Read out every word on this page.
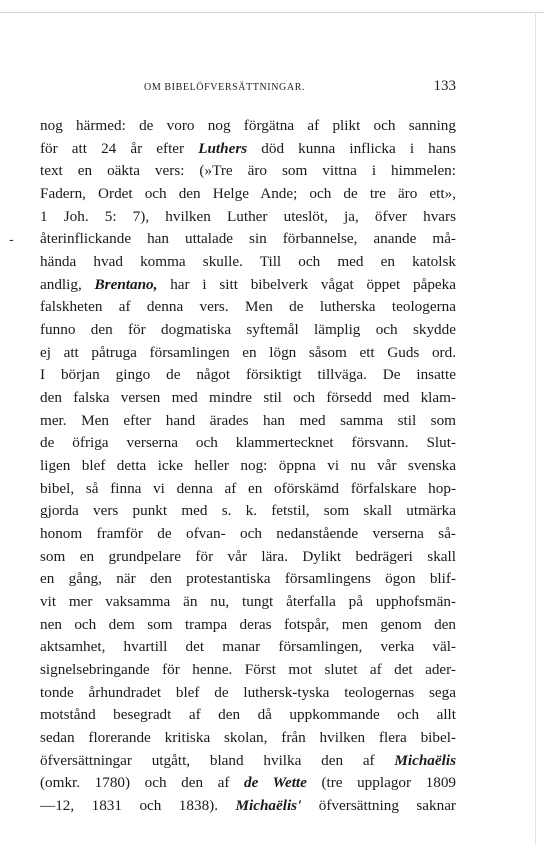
OM BIBELÖFVERSÄTTNINGAR.	133
-
nog härmed: de voro nog förgätna af plikt och sanning
för att 24 år efter Luthers död kunna inflicka i hans
text en oäkta vers: (»Tre äro som vittna i himmelen:
Fadern, Ordet och den Helge Ande; och de tre äro ett»,
1 Joh. 5: 7), hvilken Luther uteslöt, ja, öfver hvars
återinflickande han uttalade sin förbannelse, anande må-
hända hvad komma skulle. Till och med en katolsk
andlig, Brentano, har i sitt bibelverk vågat öppet påpeka
falskheten af denna vers. Men de lutherska teologerna
funno den för dogmatiska syftemål lämplig och skydde
ej att påtruga församlingen en lögn såsom ett Guds ord.
I början gingo de något försiktigt tillväga. De insatte
den falska versen med mindre stil och försedd med klam-
mer. Men efter hand ärades han med samma stil som
de öfriga verserna och klammertecknet försvann. Slut-
ligen blef detta icke heller nog: öppna vi nu vår svenska
bibel, så finna vi denna af en oförskämd förfalskare hop-
gjorda vers punkt med s. k. fetstil, som skall utmärka
honom framför de ofvan- och nedanstående verserna så-
som en grundpelare för vår lära. Dylikt bedrägeri skall
en gång, när den protestantiska församlingens ögon blif-
vit mer vaksamma än nu, tungt återfalla på upphofsmän-
nen och dem som trampa deras fotspår, men genom den
aktsamhet, hvartill det manar församlingen, verka väl-
signelsebringande för henne. Först mot slutet af det ader-
tonde århundradet blef de luthersk-tyska teologernas sega
motstånd besegradt af den då uppkommande och allt
sedan florerande kritiska skolan, från hvilken flera bibel-
öfversättningar utgått, bland hvilka den af Michaëlis
(omkr. 1780) och den af de Wette (tre upplagor 1809
—12, 1831 och 1838). Michaëlis' öfversättning saknar
